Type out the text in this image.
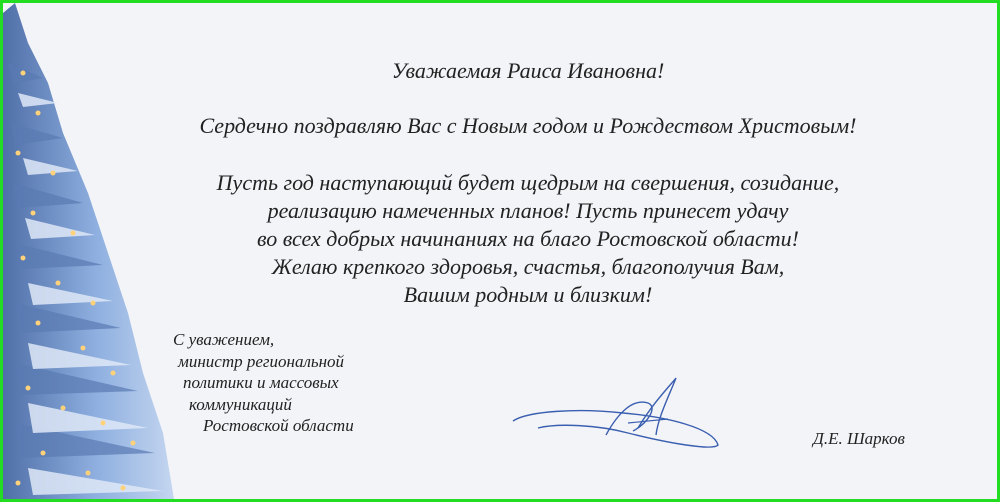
Уважаемая Раиса Ивановна!

Сердечно поздравляю Вас с Новым годом и Рождеством Христовым!

Пусть год наступающий будет щедрым на свершения, созидание,
реализацию намеченных планов! Пусть принесет удачу
во всех добрых начинаниях на благо Ростовской области!
Желаю крепкого здоровья, счастья, благополучия Вам,
Вашим родным и близким!
С уважением,
министр региональной
политики и массовых
коммуникаций
Ростовской области
Д.Е. Шарков
